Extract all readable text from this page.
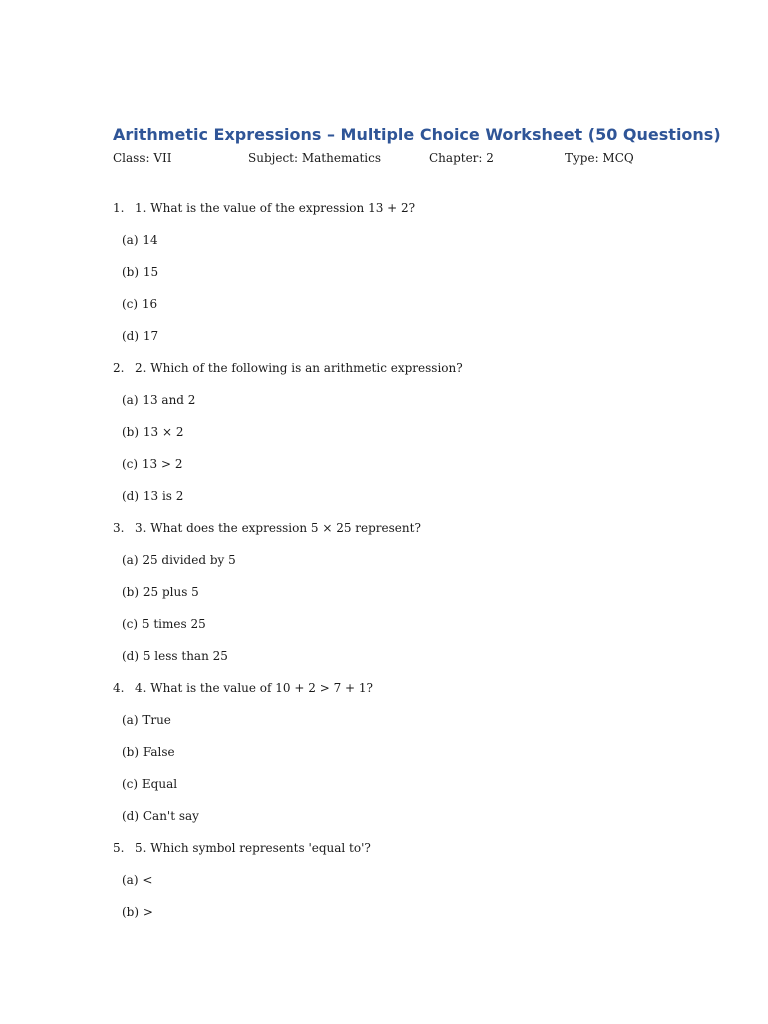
Arithmetic Expressions – Multiple Choice Worksheet (50 Questions)
Class: VII	Subject: Mathematics	Chapter: 2	Type: MCQ
1. 1. What is the value of the expression 13 + 2?
(a) 14
(b) 15
(c) 16
(d) 17
2. 2. Which of the following is an arithmetic expression?
(a) 13 and 2
(b) 13 × 2
(c) 13 > 2
(d) 13 is 2
3. 3. What does the expression 5 × 25 represent?
(a) 25 divided by 5
(b) 25 plus 5
(c) 5 times 25
(d) 5 less than 25
4. 4. What is the value of 10 + 2 > 7 + 1?
(a) True
(b) False
(c) Equal
(d) Can't say
5. 5. Which symbol represents 'equal to'?
(a) <
(b) >
